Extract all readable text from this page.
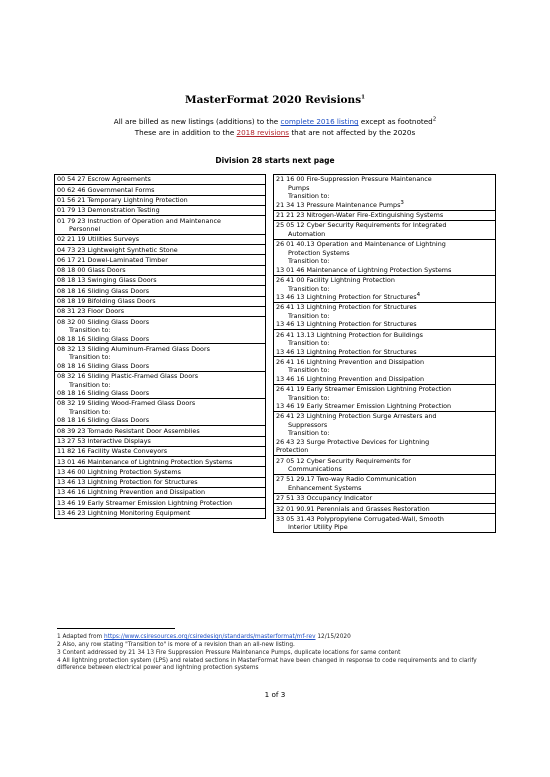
MasterFormat 2020 Revisions$^1$
All are billed as new listings (additions) to the complete 2016 listing except as footnoted$^2$
These are in addition to the 2018 revisions that are not affected by the 2020s
Division 28 starts next page
00 54 27 Escrow Agreements
00 62 46 Governmental Forms
01 56 21 Temporary Lightning Protection
01 79 13 Demonstration Testing
01 79 23 Instruction of Operation and Maintenance
Personnel

02 21 19 Utilities Surveys
04 73 23 Lightweight Synthetic Stone
06 17 21 Dowel-Laminated Timber
08 18 00 Glass Doors
08 18 13 Swinging Glass Doors
08 18 16 Sliding Glass Doors
08 18 19 Bifolding Glass Doors
08 31 23 Floor Doors
08 32 00 Sliding Glass Doors
Transition to:
08 18 16 Sliding Glass Doors
08 32 13 Sliding Aluminum-Framed Glass Doors
Transition to:
08 18 16 Sliding Glass Doors
08 32 16 Sliding Plastic-Framed Glass Doors
Transition to:
08 18 16 Sliding Glass Doors
08 32 19 Sliding Wood-Framed Glass Doors
Transition to:
08 18 16 Sliding Glass Doors
08 39 23 Tornado Resistant Door Assemblies
13 27 53 Interactive Displays
11 82 16 Facility Waste Conveyors
13 01 46 Maintenance of Lightning Protection Systems
13 46 00 Lightning Protection Systems
13 46 13 Lightning Protection for Structures
13 46 16 Lightning Prevention and Dissipation
13 46 19 Early Streamer Emission Lightning Protection
13 46 23 Lightning Monitoring Equipment
21 16 00 Fire-Suppression Pressure Maintenance
Pumps
Transition to:
21 34 13 Pressure Maintenance Pumps3
21 21 23 Nitrogen-Water Fire-Extinguishing Systems
25 05 12 Cyber Security Requirements for Integrated
Automation

26 01 40.13 Operation and Maintenance of Lightning
Protection Systems
Transition to:
13 01 46 Maintenance of Lightning Protection Systems
26 41 00 Facility Lightning Protection
Transition to:
13 46 13 Lightning Protection for Structures4
26 41 13 Lightning Protection for Structures
Transition to:
13 46 13 Lightning Protection for Structures
26 41 13.13 Lightning Protection for Buildings
Transition to:
13 46 13 Lightning Protection for Structures
26 41 16 Lightning Prevention and Dissipation
Transition to:
13 46 16 Lightning Prevention and Dissipation
26 41 19 Early Streamer Emission Lightning Protection
Transition to:
13 46 19 Early Streamer Emission Lightning Protection
26 41 23 Lightning Protection Surge Arresters and
Suppressors
Transition to:
26 43 23 Surge Protective Devices for Lightning
Protection
27 05 12 Cyber Security Requirements for
Communications

27 51 29.17 Two-way Radio Communication
Enhancement Systems

27 51 33 Occupancy Indicator
32 01 90.91 Perennials and Grasses Restoration
33 05 31.43 Polypropylene Corrugated-Wall, Smooth
Interior Utility Pipe
1 Adapted from https://www.csiresources.org/csiredesign/standards/masterformat/mf-rev 12/15/2020
2 Also, any row stating "Transition to" is more of a revision than an all-new listing.
3 Content addressed by 21 34 13 Fire Suppression Pressure Maintenance Pumps, duplicate locations for same content
4 All lightning protection system (LPS) and related sections in MasterFormat have been changed in response to code requirements and to clarify difference between electrical power and lightning protection systems
1 of 3
